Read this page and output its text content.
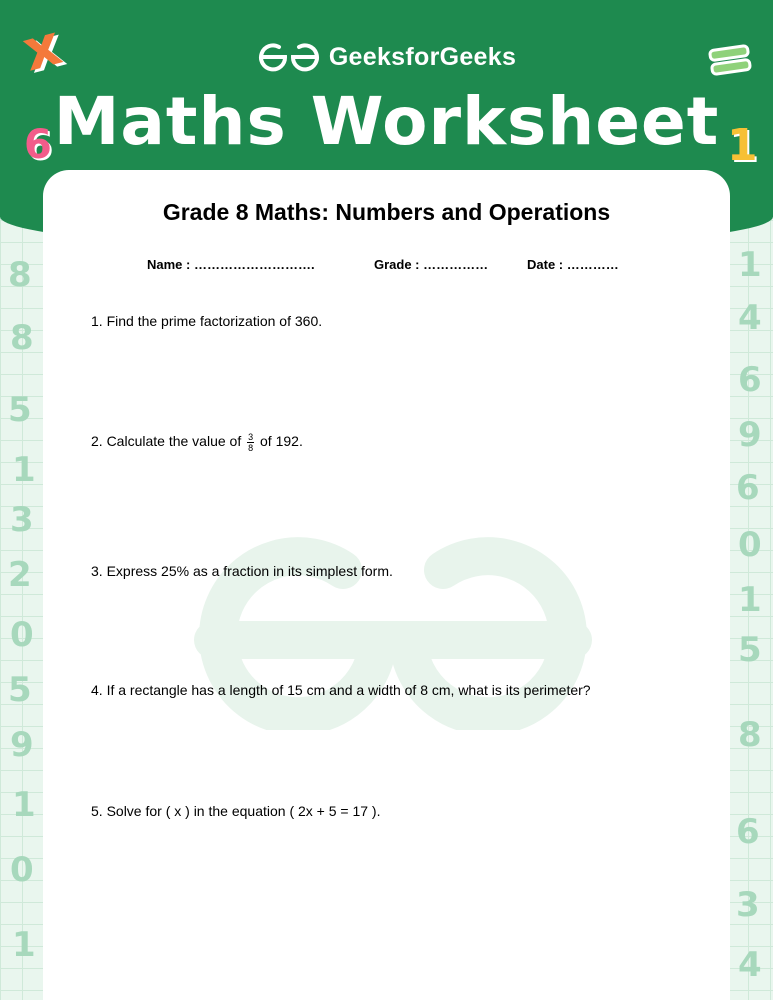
8
8
5
1
3
2
0
5
9
1
0
1
1
4
6
9
6
0
1
5
8
6
3
4
GeeksforGeeks
Maths Worksheet
x
6	1
Grade 8 Maths: Numbers and Operations
Name : ……………………….	Grade : ……………	Date : …………
1. Find the prime factorization of 360.
2. Calculate the value of $\frac{3}{8}$ of 192.
3. Express 25% as a fraction in its simplest form.
4. If a rectangle has a length of 15 cm and a width of 8 cm, what is its perimeter?
5. Solve for ( x ) in the equation ( 2x + 5 = 17 ).
